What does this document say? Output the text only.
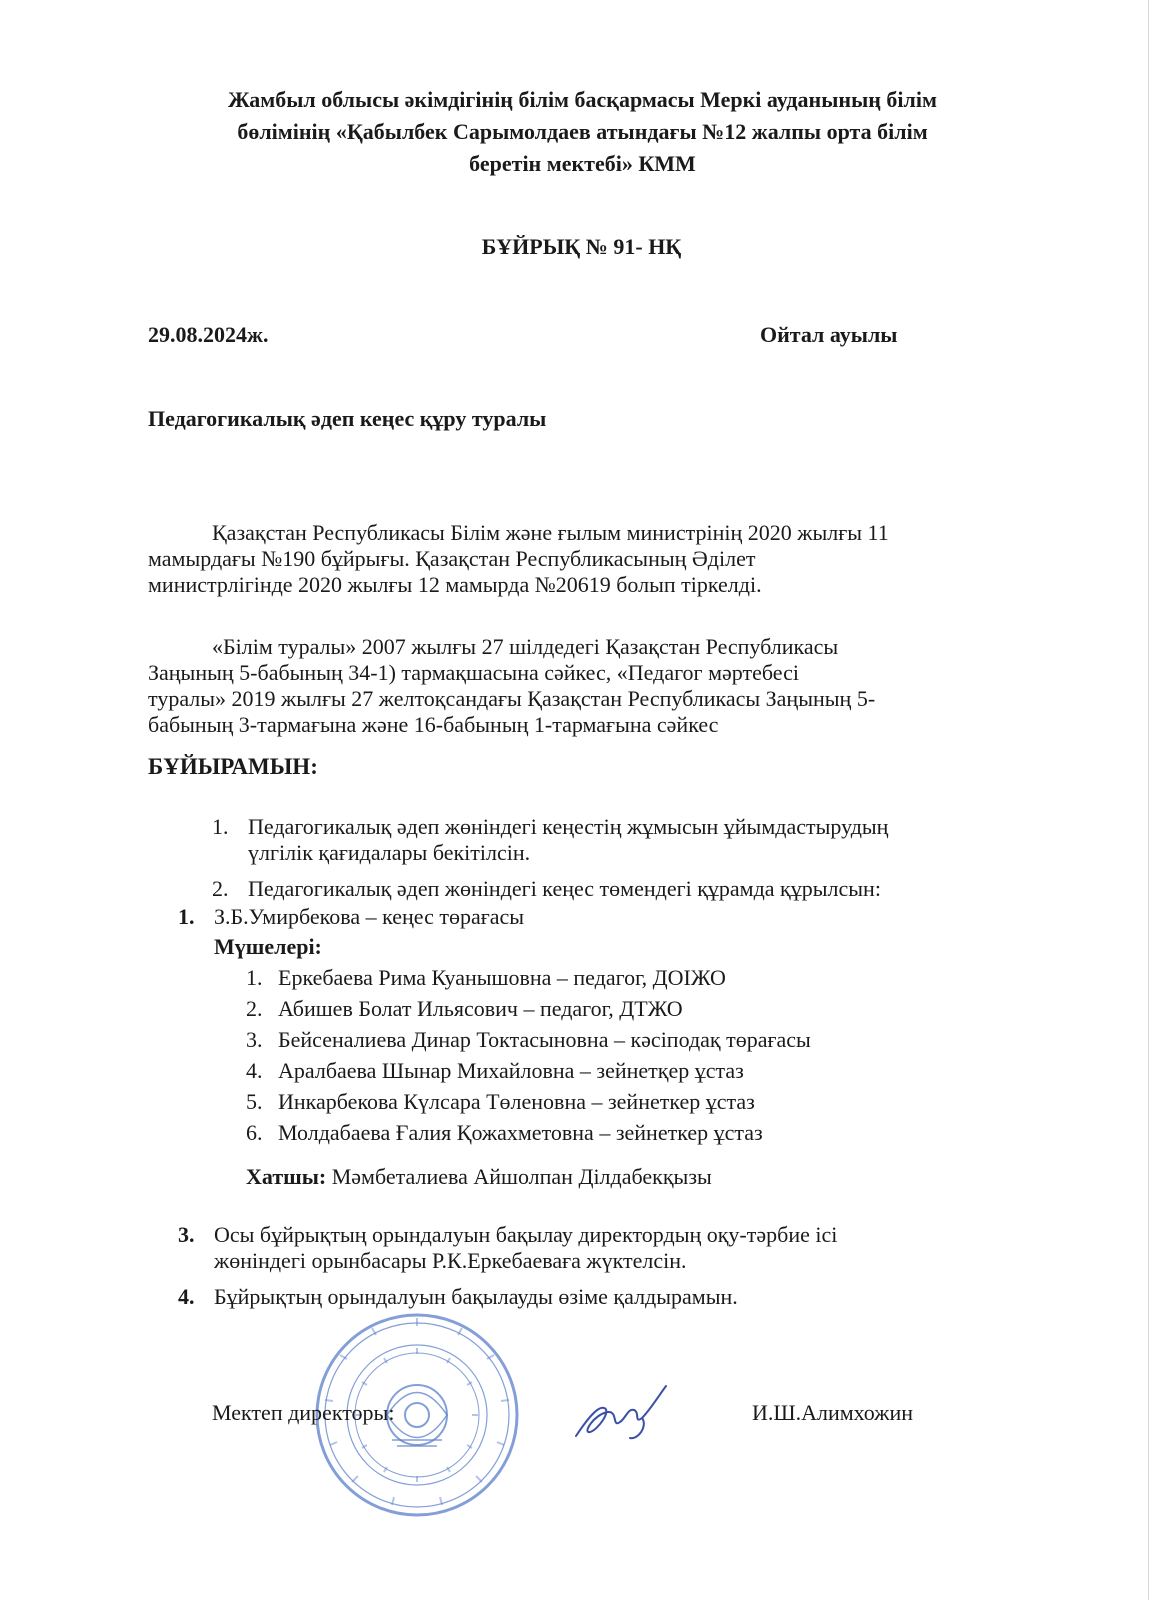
Жамбыл облысы әкімдігінің білім басқармасы Меркі ауданының білім
бөлімінің «Қабылбек Сарымолдаев атындағы №12 жалпы орта білім
беретін мектебі» КММ
БҰЙРЫҚ № 91- НҚ
29.08.2024ж.	Ойтал ауылы
Педагогикалық әдеп кеңес құру туралы
Қазақстан Республикасы Білім және ғылым министрінің 2020 жылғы 11
мамырдағы №190 бұйрығы. Қазақстан Республикасының Әділет
министрлігінде 2020 жылғы 12 мамырда №20619 болып тіркелді.
«Білім туралы» 2007 жылғы 27 шілдедегі Қазақстан Республикасы
Заңының 5-бабының 34-1) тармақшасына сәйкес, «Педагог мәртебесі
туралы» 2019 жылғы 27 желтоқсандағы Қазақстан Республикасы Заңының 5-
бабының 3-тармағына және 16-бабының 1-тармағына сәйкес
БҰЙЫРАМЫН:
1. Педагогикалық әдеп жөніндегі кеңестің жұмысын ұйымдастырудың
үлгілік қағидалары бекітілсін.
2. Педагогикалық әдеп жөніндегі кеңес төмендегі құрамда құрылсын:
1. З.Б.Умирбекова – кеңес төрағасы
Мүшелері:
1. Еркебаева Рима Куанышовна – педагог, ДОІЖО
2. Абишев Болат Ильясович – педагог, ДТЖО
3. Бейсеналиева Динар Токтасыновна – кәсіподақ төрағасы
4. Аралбаева Шынар Михайловна – зейнетқер ұстаз
5. Инкарбекова Күлсара Төленовна – зейнеткер ұстаз
6. Молдабаева Ғалия Қожахметовна – зейнеткер ұстаз
Хатшы: Мәмбеталиева Айшолпан Ділдабекқызы
3. Осы бұйрықтың орындалуын бақылау директордың оқу-тәрбие ісі
жөніндегі орынбасары Р.К.Еркебаеваға жүктелсін.
4. Бұйрықтың орындалуын бақылауды өзіме қалдырамын.
Мектеп директоры:	И.Ш.Алимхожин
